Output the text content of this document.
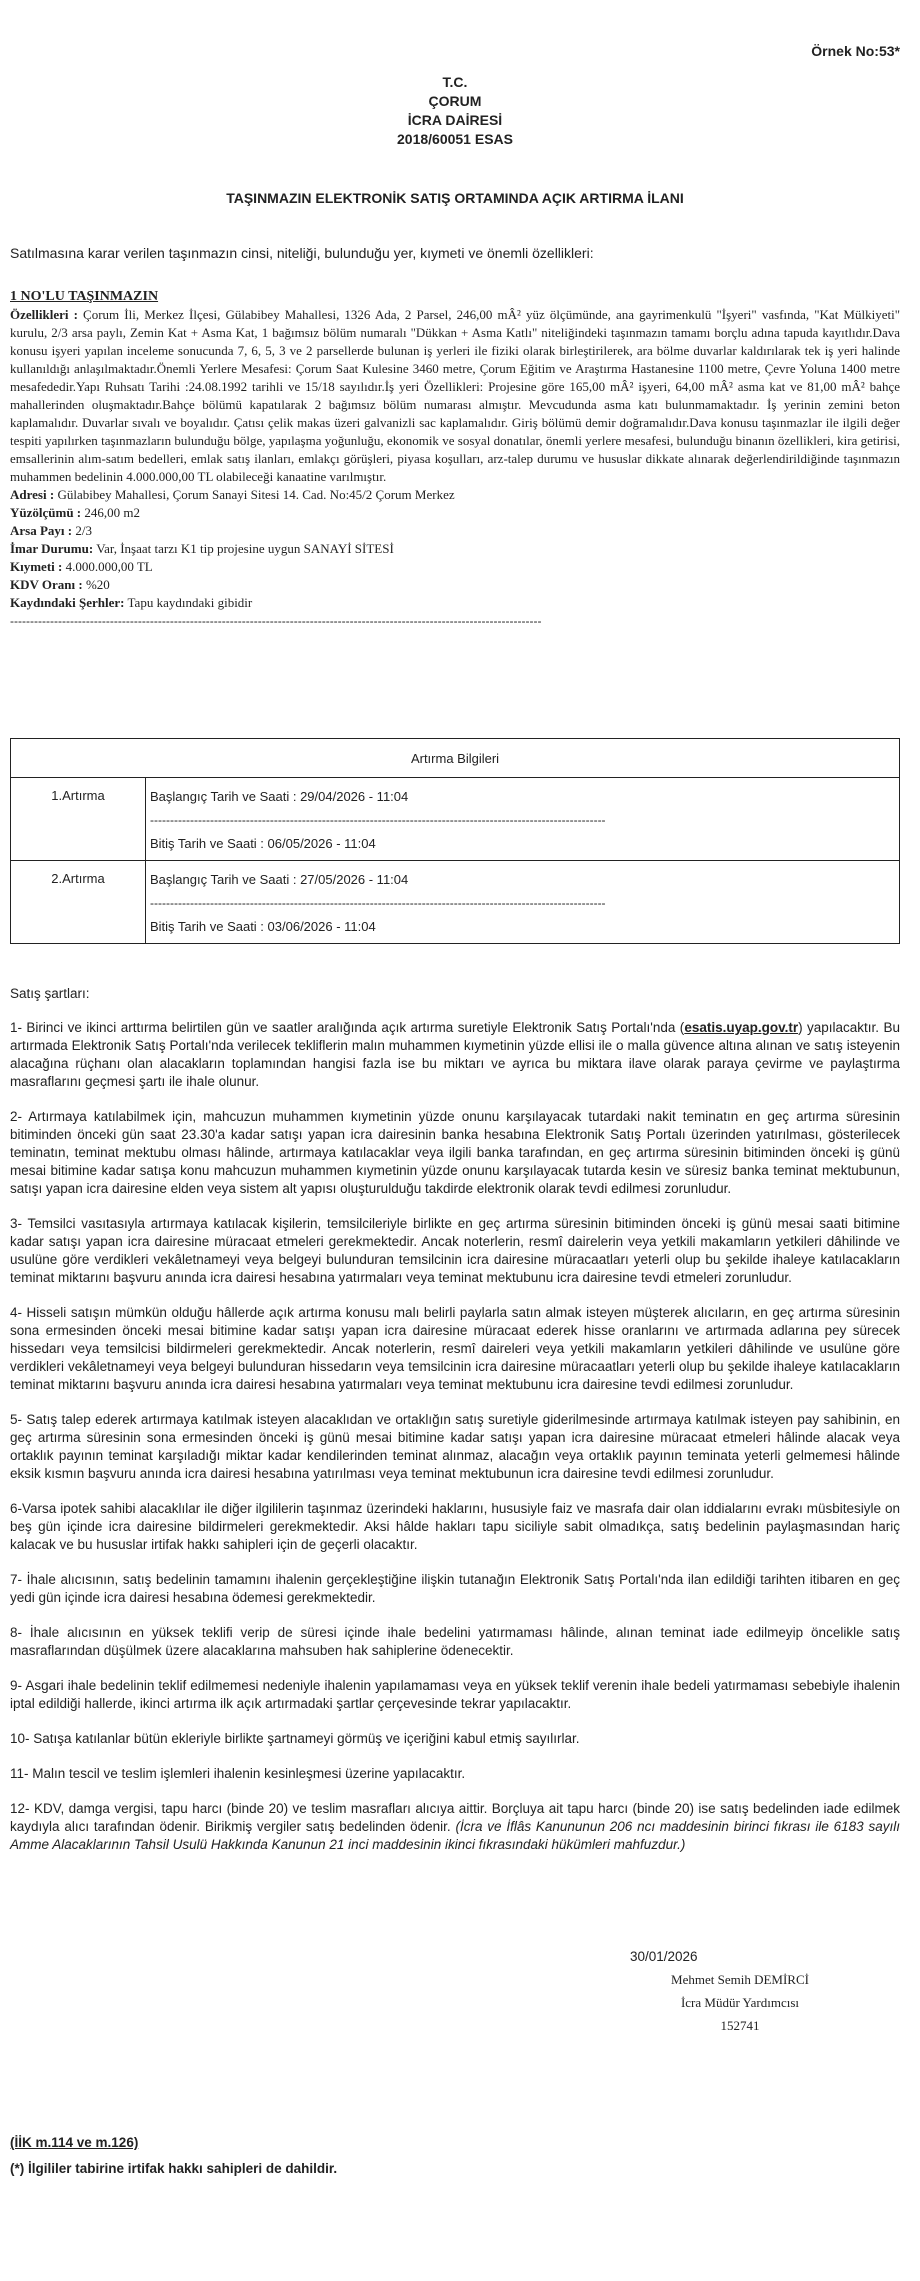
Örnek No:53*
T.C.
ÇORUM
İCRA DAİRESİ
2018/60051 ESAS
TAŞINMAZIN ELEKTRONİK SATIŞ ORTAMINDA AÇIK ARTIRMA İLANI
Satılmasına karar verilen taşınmazın cinsi, niteliği, bulunduğu yer, kıymeti ve önemli özellikleri:
1 NO'LU TAŞINMAZIN
Özellikleri : Çorum İli, Merkez İlçesi, Gülabibey Mahallesi, 1326 Ada, 2 Parsel, 246,00 mÂ² yüz ölçümünde, ana gayrimenkulü "İşyeri" vasfında, "Kat Mülkiyeti" kurulu, 2/3 arsa paylı, Zemin Kat + Asma Kat, 1 bağımsız bölüm numaralı "Dükkan + Asma Katlı" niteliğindeki taşınmazın tamamı borçlu adına tapuda kayıtlıdır.Dava konusu işyeri yapılan inceleme sonucunda 7, 6, 5, 3 ve 2 parsellerde bulunan iş yerleri ile fiziki olarak birleştirilerek, ara bölme duvarlar kaldırılarak tek iş yeri halinde kullanıldığı anlaşılmaktadır.Önemli Yerlere Mesafesi: Çorum Saat Kulesine 3460 metre, Çorum Eğitim ve Araştırma Hastanesine 1100 metre, Çevre Yoluna 1400 metre mesafededir.Yapı Ruhsatı Tarihi :24.08.1992 tarihli ve 15/18 sayılıdır.İş yeri Özellikleri: Projesine göre 165,00 mÂ² işyeri, 64,00 mÂ² asma kat ve 81,00 mÂ² bahçe mahallerinden oluşmaktadır.Bahçe bölümü kapatılarak 2 bağımsız bölüm numarası almıştır. Mevcudunda asma katı bulunmamaktadır. İş yerinin zemini beton kaplamalıdır. Duvarlar sıvalı ve boyalıdır. Çatısı çelik makas üzeri galvanizli sac kaplamalıdır. Giriş bölümü demir doğramalıdır.Dava konusu taşınmazlar ile ilgili değer tespiti yapılırken taşınmazların bulunduğu bölge, yapılaşma yoğunluğu, ekonomik ve sosyal donatılar, önemli yerlere mesafesi, bulunduğu binanın özellikleri, kira getirisi, emsallerinin alım-satım bedelleri, emlak satış ilanları, emlakçı görüşleri, piyasa koşulları, arz-talep durumu ve hususlar dikkate alınarak değerlendirildiğinde taşınmazın muhammen bedelinin 4.000.000,00 TL olabileceği kanaatine varılmıştır.
Adresi : Gülabibey Mahallesi, Çorum Sanayi Sitesi 14. Cad. No:45/2 Çorum Merkez
Yüzölçümü : 246,00 m2
Arsa Payı : 2/3
İmar Durumu: Var, İnşaat tarzı K1 tip projesine uygun SANAYİ SİTESİ
Kıymeti : 4.000.000,00 TL
KDV Oranı : %20
Kaydındaki Şerhler: Tapu kaydındaki gibidir
-------------------------------------------------------------------------------------------------------------------------------------
Artırma Bilgileri	
1.Artırma	Başlangıç Tarih ve Saati : 29/04/2026 - 11:04
------------------------------------------------------------------------------------------------------------------
Bitiş Tarih ve Saati : 06/05/2026 - 11:04

2.Artırma	Başlangıç Tarih ve Saati : 27/05/2026 - 11:04
------------------------------------------------------------------------------------------------------------------
Bitiş Tarih ve Saati : 03/06/2026 - 11:04

Satış şartları:

1- Birinci ve ikinci arttırma belirtilen gün ve saatler aralığında açık artırma suretiyle Elektronik Satış Portalı'nda (esatis.uyap.gov.tr) yapılacaktır. Bu artırmada Elektronik Satış Portalı'nda verilecek tekliflerin malın muhammen kıymetinin yüzde ellisi ile o malla güvence altına alınan ve satış isteyenin alacağına rüçhanı olan alacakların toplamından hangisi fazla ise bu miktarı ve ayrıca bu miktara ilave olarak paraya çevirme ve paylaştırma masraflarını geçmesi şartı ile ihale olunur.

2- Artırmaya katılabilmek için, mahcuzun muhammen kıymetinin yüzde onunu karşılayacak tutardaki nakit teminatın en geç artırma süresinin bitiminden önceki gün saat 23.30'a kadar satışı yapan icra dairesinin banka hesabına Elektronik Satış Portalı üzerinden yatırılması, gösterilecek teminatın, teminat mektubu olması hâlinde, artırmaya katılacaklar veya ilgili banka tarafından, en geç artırma süresinin bitiminden önceki iş günü mesai bitimine kadar satışa konu mahcuzun muhammen kıymetinin yüzde onunu karşılayacak tutarda kesin ve süresiz banka teminat mektubunun, satışı yapan icra dairesine elden veya sistem alt yapısı oluşturulduğu takdirde elektronik olarak tevdi edilmesi zorunludur.

3- Temsilci vasıtasıyla artırmaya katılacak kişilerin, temsilcileriyle birlikte en geç artırma süresinin bitiminden önceki iş günü mesai saati bitimine kadar satışı yapan icra dairesine müracaat etmeleri gerekmektedir. Ancak noterlerin, resmî dairelerin veya yetkili makamların yetkileri dâhilinde ve usulüne göre verdikleri vekâletnameyi veya belgeyi bulunduran temsilcinin icra dairesine müracaatları yeterli olup bu şekilde ihaleye katılacakların teminat miktarını başvuru anında icra dairesi hesabına yatırmaları veya teminat mektubunu icra dairesine tevdi etmeleri zorunludur.

4- Hisseli satışın mümkün olduğu hâllerde açık artırma konusu malı belirli paylarla satın almak isteyen müşterek alıcıların, en geç artırma süresinin sona ermesinden önceki mesai bitimine kadar satışı yapan icra dairesine müracaat ederek hisse oranlarını ve artırmada adlarına pey sürecek hissedarı veya temsilcisi bildirmeleri gerekmektedir. Ancak noterlerin, resmî daireleri veya yetkili makamların yetkileri dâhilinde ve usulüne göre verdikleri vekâletnameyi veya belgeyi bulunduran hissedarın veya temsilcinin icra dairesine müracaatları yeterli olup bu şekilde ihaleye katılacakların teminat miktarını başvuru anında icra dairesi hesabına yatırmaları veya teminat mektubunu icra dairesine tevdi edilmesi zorunludur.

5- Satış talep ederek artırmaya katılmak isteyen alacaklıdan ve ortaklığın satış suretiyle giderilmesinde artırmaya katılmak isteyen pay sahibinin, en geç artırma süresinin sona ermesinden önceki iş günü mesai bitimine kadar satışı yapan icra dairesine müracaat etmeleri hâlinde alacak veya ortaklık payının teminat karşıladığı miktar kadar kendilerinden teminat alınmaz, alacağın veya ortaklık payının teminata yeterli gelmemesi hâlinde eksik kısmın başvuru anında icra dairesi hesabına yatırılması veya teminat mektubunun icra dairesine tevdi edilmesi zorunludur.

6-Varsa ipotek sahibi alacaklılar ile diğer ilgililerin taşınmaz üzerindeki haklarını, hususiyle faiz ve masrafa dair olan iddialarını evrakı müsbitesiyle on beş gün içinde icra dairesine bildirmeleri gerekmektedir. Aksi hâlde hakları tapu siciliyle sabit olmadıkça, satış bedelinin paylaşmasından hariç kalacak ve bu hususlar irtifak hakkı sahipleri için de geçerli olacaktır.

7- İhale alıcısının, satış bedelinin tamamını ihalenin gerçekleştiğine ilişkin tutanağın Elektronik Satış Portalı'nda ilan edildiği tarihten itibaren en geç yedi gün içinde icra dairesi hesabına ödemesi gerekmektedir.

8- İhale alıcısının en yüksek teklifi verip de süresi içinde ihale bedelini yatırmaması hâlinde, alınan teminat iade edilmeyip öncelikle satış masraflarından düşülmek üzere alacaklarına mahsuben hak sahiplerine ödenecektir.

9- Asgari ihale bedelinin teklif edilmemesi nedeniyle ihalenin yapılamaması veya en yüksek teklif verenin ihale bedeli yatırmaması sebebiyle ihalenin iptal edildiği hallerde, ikinci artırma ilk açık artırmadaki şartlar çerçevesinde tekrar yapılacaktır.

10- Satışa katılanlar bütün ekleriyle birlikte şartnameyi görmüş ve içeriğini kabul etmiş sayılırlar.

11- Malın tescil ve teslim işlemleri ihalenin kesinleşmesi üzerine yapılacaktır.

12- KDV, damga vergisi, tapu harcı (binde 20) ve teslim masrafları alıcıya aittir. Borçluya ait tapu harcı (binde 20) ise satış bedelinden iade edilmek kaydıyla alıcı tarafından ödenir. Birikmiş vergiler satış bedelinden ödenir. (İcra ve İflâs Kanununun 206 ncı maddesinin birinci fıkrası ile 6183 sayılı Amme Alacaklarının Tahsil Usulü Hakkında Kanunun 21 inci maddesinin ikinci fıkrasındaki hükümleri mahfuzdur.)

30/01/2026
Mehmet Semih DEMİRCİ
İcra Müdür Yardımcısı
152741
(İİK m.114 ve m.126)
(*) İlgililer tabirine irtifak hakkı sahipleri de dahildir.
